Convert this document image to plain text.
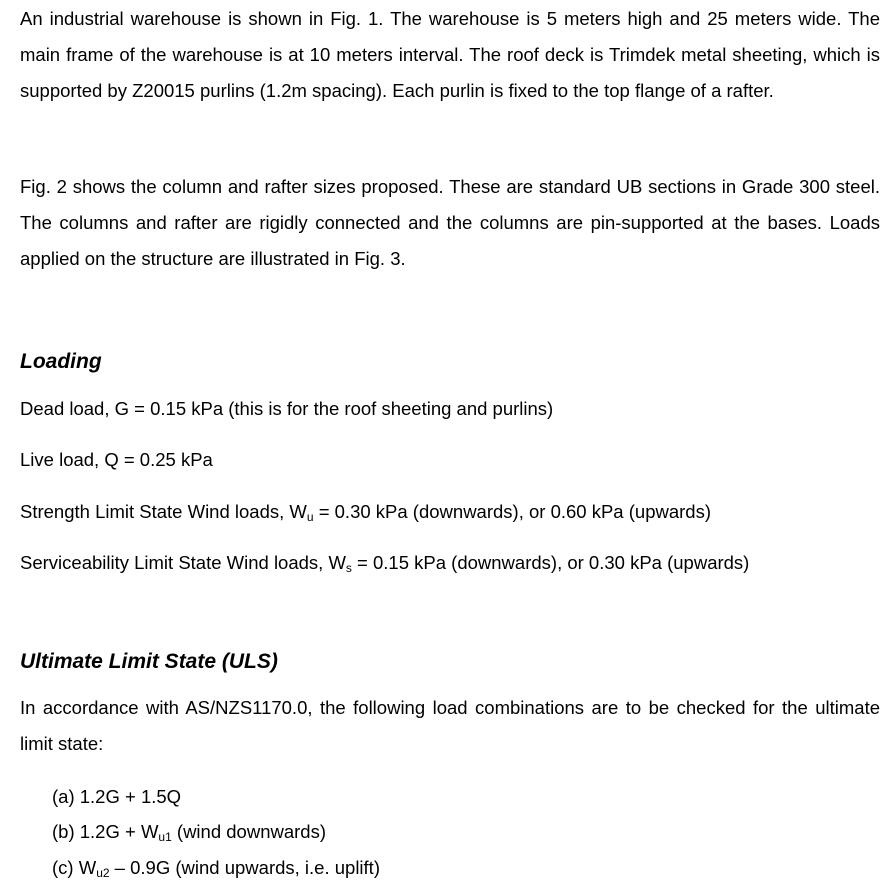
An industrial warehouse is shown in Fig. 1. The warehouse is 5 meters high and 25 meters wide. The main frame of the warehouse is at 10 meters interval. The roof deck is Trimdek metal sheeting, which is supported by Z20015 purlins (1.2m spacing). Each purlin is fixed to the top flange of a rafter.

Fig. 2 shows the column and rafter sizes proposed. These are standard UB sections in Grade 300 steel. The columns and rafter are rigidly connected and the columns are pin-supported at the bases. Loads applied on the structure are illustrated in Fig. 3.

Loading

Dead load, G = 0.15 kPa (this is for the roof sheeting and purlins)

Live load, Q = 0.25 kPa

Strength Limit State Wind loads, $W_u = 0.30$ kPa (downwards), or 0.60 kPa (upwards)

Serviceability Limit State Wind loads, $W_s = 0.15$ kPa (downwards), or 0.30 kPa (upwards)

Ultimate Limit State (ULS)

In accordance with AS/NZS1170.0, the following load combinations are to be checked for the ultimate limit state:

(a) 1.2G + 1.5Q

(b) $1.2G + W_{u1}$ (wind downwards)

(c) $W_{u2} - 0.9G$ (wind upwards, i.e. uplift)
